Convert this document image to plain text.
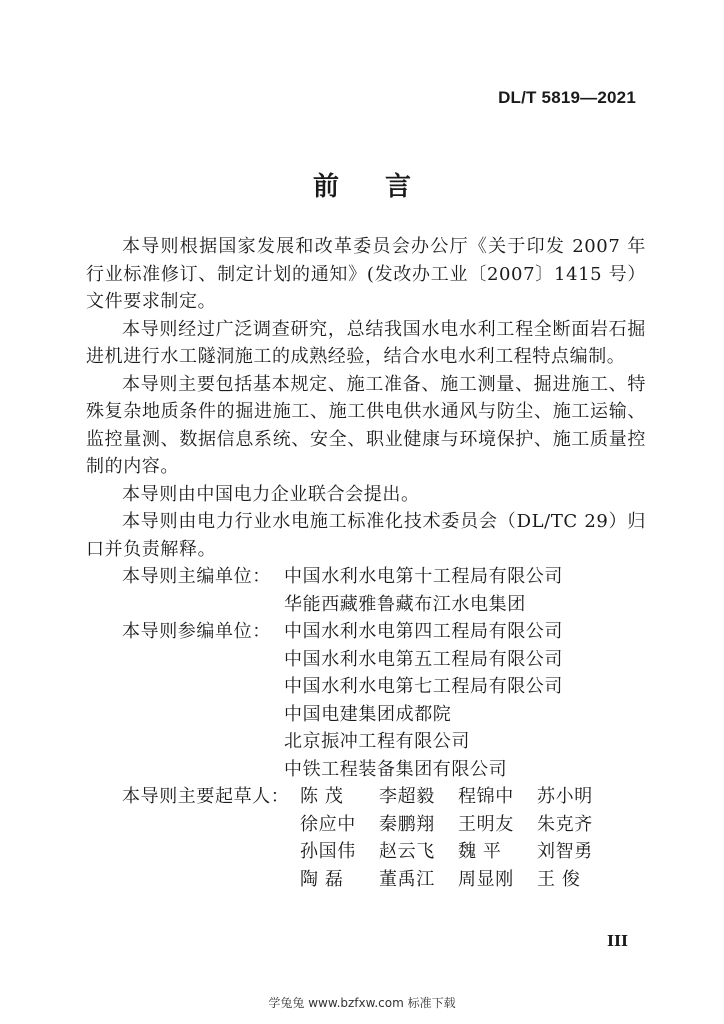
DL/T 5819—2021
前言

本导则根据国家发展和改革委员会办公厅《关于印发 2007 年行业标准修订、制定计划的通知》(发改办工业〔2007〕1415 号）文件要求制定。

本导则经过广泛调查研究，总结我国水电水利工程全断面岩石掘进机进行水工隧洞施工的成熟经验，结合水电水利工程特点编制。

本导则主要包括基本规定、施工准备、施工测量、掘进施工、特殊复杂地质条件的掘进施工、施工供电供水通风与防尘、施工运输、监控量测、数据信息系统、安全、职业健康与环境保护、施工质量控制的内容。

本导则由中国电力企业联合会提出。

本导则由电力行业水电施工标准化技术委员会（DL/TC 29）归口并负责解释。

本导则主编单位： 中国水利水电第十工程局有限公司
华能西藏雅鲁藏布江水电集团
本导则参编单位： 中国水利水电第四工程局有限公司
中国水利水电第五工程局有限公司
中国水利水电第七工程局有限公司
中国电建集团成都院
北京振冲工程有限公司
中铁工程装备集团有限公司
本导则主要起草人： 陈 茂	李超毅	程锦中	苏小明
徐应中	秦鹏翔	王明友	朱克齐
孙国伟	赵云飞	魏 平	刘智勇
陶 磊	董禹江	周显刚	王 俊
III
学兔兔 www.bzfxw.com 标准下载
